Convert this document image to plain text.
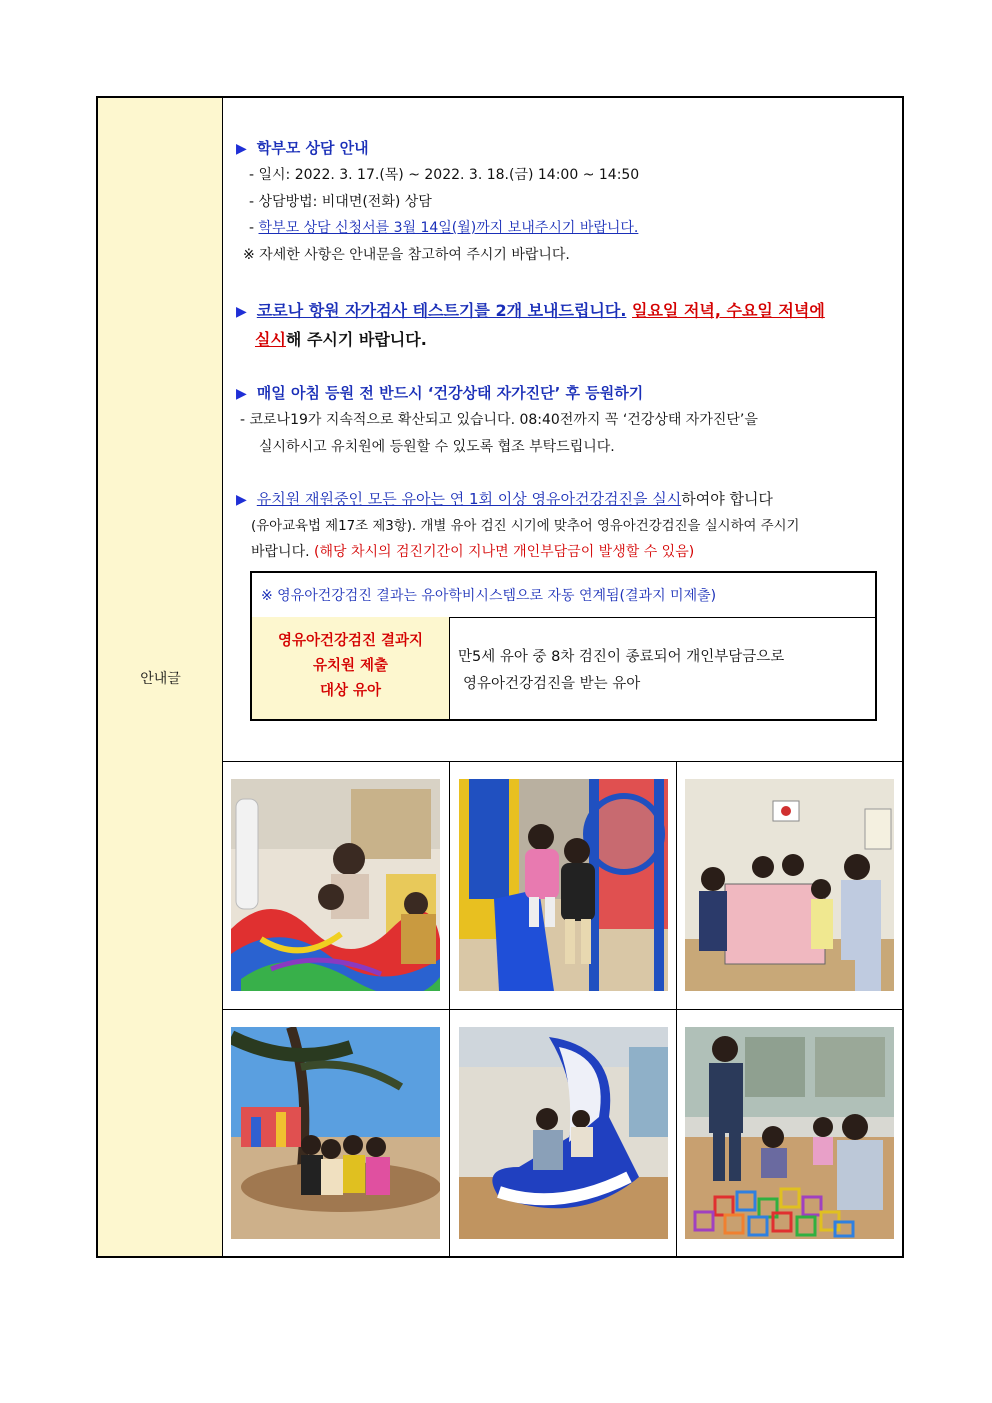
안내글
▶ 학부모 상담 안내
- 일시: 2022. 3. 17.(목) ~ 2022. 3. 18.(금) 14:00 ~ 14:50
- 상담방법: 비대면(전화) 상담
- 학부모 상담 신청서를 3월 14일(월)까지 보내주시기 바랍니다.
※ 자세한 사항은 안내문을 참고하여 주시기 바랍니다.
▶ 코로나 항원 자가검사 테스트기를 2개 보내드립니다. 일요일 저녁, 수요일 저녁에
실시해 주시기 바랍니다.
▶ 매일 아침 등원 전 반드시 ‘건강상태 자가진단’ 후 등원하기
- 코로나19가 지속적으로 확산되고 있습니다. 08:40전까지 꼭 ‘건강상태 자가진단’을
실시하시고 유치원에 등원할 수 있도록 협조 부탁드립니다.
▶ 유치원 재원중인 모든 유아는 연 1회 이상 영유아건강검진을 실시하여야 합니다
(유아교육법 제17조 제3항). 개별 유아 검진 시기에 맞추어 영유아건강검진을 실시하여 주시기
바랍니다. (해당 차시의 검진기간이 지나면 개인부담금이 발생할 수 있음)
※ 영유아건강검진 결과는 유아학비시스템으로 자동 연계됨(결과지 미제출)
영유아건강검진 결과지
유치원 제출
대상 유아
만5세 유아 중 8차 검진이 종료되어 개인부담금으로
영유아건강검진을 받는 유아
